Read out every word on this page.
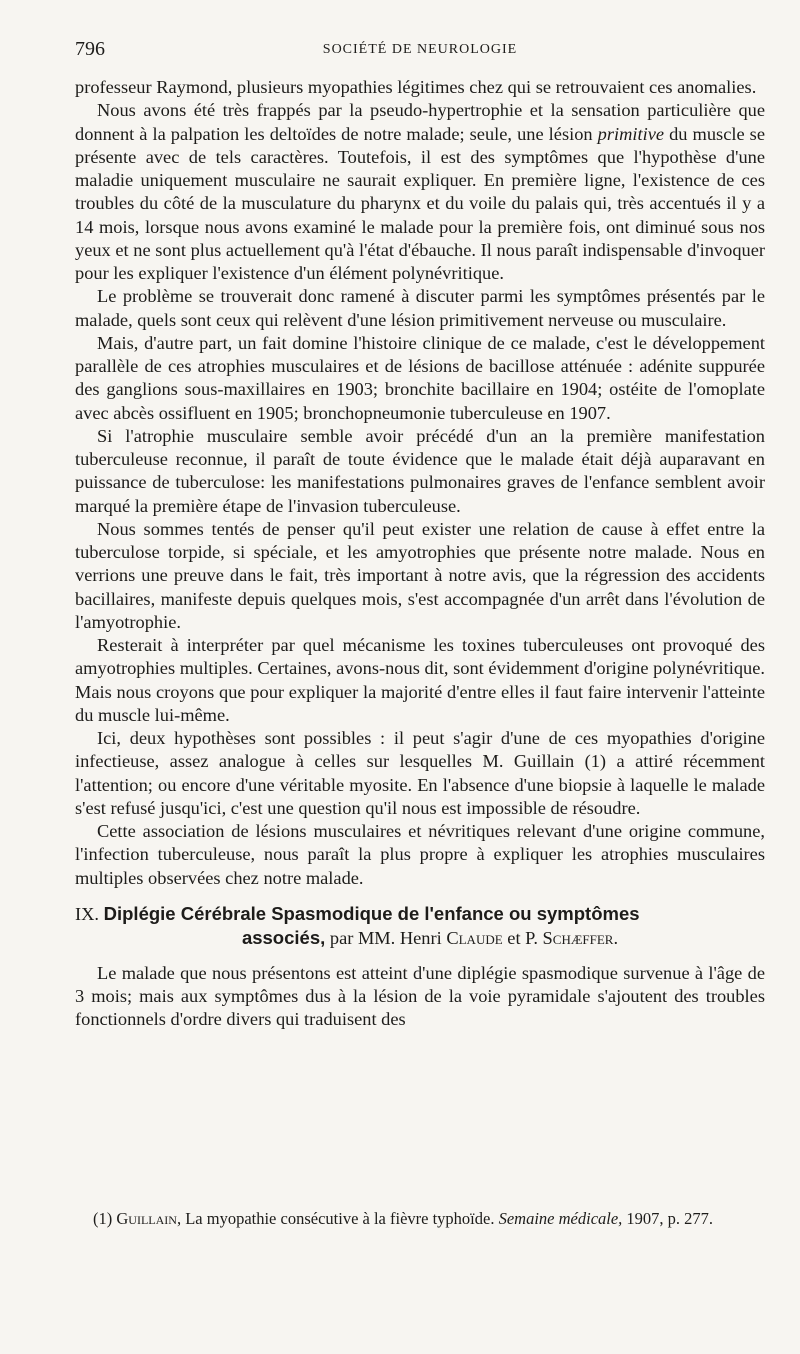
796	SOCIÉTÉ DE NEUROLOGIE

professeur Raymond, plusieurs myopathies légitimes chez qui se retrouvaient ces anomalies.

Nous avons été très frappés par la pseudo-hypertrophie et la sensation particulière que donnent à la palpation les deltoïdes de notre malade; seule, une lésion primitive du muscle se présente avec de tels caractères. Toutefois, il est des symptômes que l'hypothèse d'une maladie uniquement musculaire ne saurait expliquer. En première ligne, l'existence de ces troubles du côté de la musculature du pharynx et du voile du palais qui, très accentués il y a 14 mois, lorsque nous avons examiné le malade pour la première fois, ont diminué sous nos yeux et ne sont plus actuellement qu'à l'état d'ébauche. Il nous paraît indispensable d'invoquer pour les expliquer l'existence d'un élément polynévritique.

Le problème se trouverait donc ramené à discuter parmi les symptômes présentés par le malade, quels sont ceux qui relèvent d'une lésion primitivement nerveuse ou musculaire.

Mais, d'autre part, un fait domine l'histoire clinique de ce malade, c'est le développement parallèle de ces atrophies musculaires et de lésions de bacillose atténuée : adénite suppurée des ganglions sous-maxillaires en 1903; bronchite bacillaire en 1904; ostéite de l'omoplate avec abcès ossifluent en 1905; bronchopneumonie tuberculeuse en 1907.

Si l'atrophie musculaire semble avoir précédé d'un an la première manifestation tuberculeuse reconnue, il paraît de toute évidence que le malade était déjà auparavant en puissance de tuberculose: les manifestations pulmonaires graves de l'enfance semblent avoir marqué la première étape de l'invasion tuberculeuse.

Nous sommes tentés de penser qu'il peut exister une relation de cause à effet entre la tuberculose torpide, si spéciale, et les amyotrophies que présente notre malade. Nous en verrions une preuve dans le fait, très important à notre avis, que la régression des accidents bacillaires, manifeste depuis quelques mois, s'est accompagnée d'un arrêt dans l'évolution de l'amyotrophie.

Resterait à interpréter par quel mécanisme les toxines tuberculeuses ont provoqué des amyotrophies multiples. Certaines, avons-nous dit, sont évidemment d'origine polynévritique. Mais nous croyons que pour expliquer la majorité d'entre elles il faut faire intervenir l'atteinte du muscle lui-même.

Ici, deux hypothèses sont possibles : il peut s'agir d'une de ces myopathies d'origine infectieuse, assez analogue à celles sur lesquelles M. Guillain (1) a attiré récemment l'attention; ou encore d'une véritable myosite. En l'absence d'une biopsie à laquelle le malade s'est refusé jusqu'ici, c'est une question qu'il nous est impossible de résoudre.

Cette association de lésions musculaires et névritiques relevant d'une origine commune, l'infection tuberculeuse, nous paraît la plus propre à expliquer les atrophies musculaires multiples observées chez notre malade.

IX. Diplégie Cérébrale Spasmodique de l'enfance ou symptômes
associés, par MM. Henri Claude et P. Schæffer.

Le malade que nous présentons est atteint d'une diplégie spasmodique survenue à l'âge de 3 mois; mais aux symptômes dus à la lésion de la voie pyramidale s'ajoutent des troubles fonctionnels d'ordre divers qui traduisent des

(1) Guillain, La myopathie consécutive à la fièvre typhoïde. Semaine médicale, 1907, p. 277.
